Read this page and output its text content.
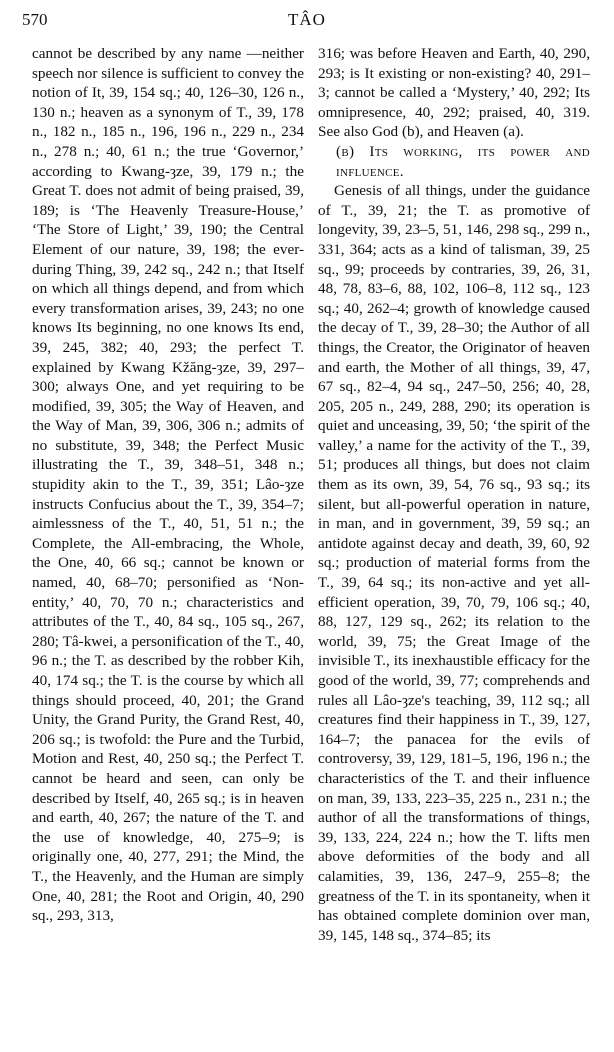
570	TÂO

cannot be described by any name —neither speech nor silence is sufficient to convey the notion of It, 39, 154 sq.; 40, 126–30, 126 n., 130 n.; heaven as a synonym of T., 39, 178 n., 182 n., 185 n., 196, 196 n., 229 n., 234 n., 278 n.; 40, 61 n.; the true ‘Governor,’ according to Kwang-ȝze, 39, 179 n.; the Great T. does not admit of being praised, 39, 189; is ‘The Heavenly Treasure-House,’ ‘The Store of Light,’ 39, 190; the Central Element of our nature, 39, 198; the ever-during Thing, 39, 242 sq., 242 n.; that Itself on which all things depend, and from which every transformation arises, 39, 243; no one knows Its beginning, no one knows Its end, 39, 245, 382; 40, 293; the perfect T. explained by Kwang Kžăng-ȝze, 39, 297–300; always One, and yet requiring to be modified, 39, 305; the Way of Heaven, and the Way of Man, 39, 306, 306 n.; admits of no substitute, 39, 348; the Perfect Music illustrating the T., 39, 348–51, 348 n.; stupidity akin to the T., 39, 351; Lâo-ȝze instructs Confucius about the T., 39, 354–7; aimlessness of the T., 40, 51, 51 n.; the Complete, the All-embracing, the Whole, the One, 40, 66 sq.; cannot be known or named, 40, 68–70; personified as ‘Non-entity,’ 40, 70, 70 n.; characteristics and attributes of the T., 40, 84 sq., 105 sq., 267, 280; Tâ-kwei, a personification of the T., 40, 96 n.; the T. as described by the robber Kih, 40, 174 sq.; the T. is the course by which all things should proceed, 40, 201; the Grand Unity, the Grand Purity, the Grand Rest, 40, 206 sq.; is twofold: the Pure and the Turbid, Motion and Rest, 40, 250 sq.; the Perfect T. cannot be heard and seen, can only be described by Itself, 40, 265 sq.; is in heaven and earth, 40, 267; the nature of the T. and the use of knowledge, 40, 275–9; is originally one, 40, 277, 291; the Mind, the T., the Heavenly, and the Human are simply One, 40, 281; the Root and Origin, 40, 290 sq., 293, 313,

316; was before Heaven and Earth, 40, 290, 293; is It existing or non-existing? 40, 291–3; cannot be called a ‘Mystery,’ 40, 292; Its omnipresence, 40, 292; praised, 40, 319. See also God (b), and Heaven (a).

(b) Its working, its power and influence.

Genesis of all things, under the guidance of T., 39, 21; the T. as promotive of longevity, 39, 23–5, 51, 146, 298 sq., 299 n., 331, 364; acts as a kind of talisman, 39, 25 sq., 99; proceeds by contraries, 39, 26, 31, 48, 78, 83–6, 88, 102, 106–8, 112 sq., 123 sq.; 40, 262–4; growth of knowledge caused the decay of T., 39, 28–30; the Author of all things, the Creator, the Originator of heaven and earth, the Mother of all things, 39, 47, 67 sq., 82–4, 94 sq., 247–50, 256; 40, 28, 205, 205 n., 249, 288, 290; its operation is quiet and unceasing, 39, 50; ‘the spirit of the valley,’ a name for the activity of the T., 39, 51; produces all things, but does not claim them as its own, 39, 54, 76 sq., 93 sq.; its silent, but all-powerful operation in nature, in man, and in government, 39, 59 sq.; an antidote against decay and death, 39, 60, 92 sq.; production of material forms from the T., 39, 64 sq.; its non-active and yet all-efficient operation, 39, 70, 79, 106 sq.; 40, 88, 127, 129 sq., 262; its relation to the world, 39, 75; the Great Image of the invisible T., its inexhaustible efficacy for the good of the world, 39, 77; comprehends and rules all Lâo-ȝze's teaching, 39, 112 sq.; all creatures find their happiness in T., 39, 127, 164–7; the panacea for the evils of controversy, 39, 129, 181–5, 196, 196 n.; the characteristics of the T. and their influence on man, 39, 133, 223–35, 225 n., 231 n.; the author of all the transformations of things, 39, 133, 224, 224 n.; how the T. lifts men above deformities of the body and all calamities, 39, 136, 247–9, 255–8; the greatness of the T. in its spontaneity, when it has obtained complete dominion over man, 39, 145, 148 sq., 374–85; its
